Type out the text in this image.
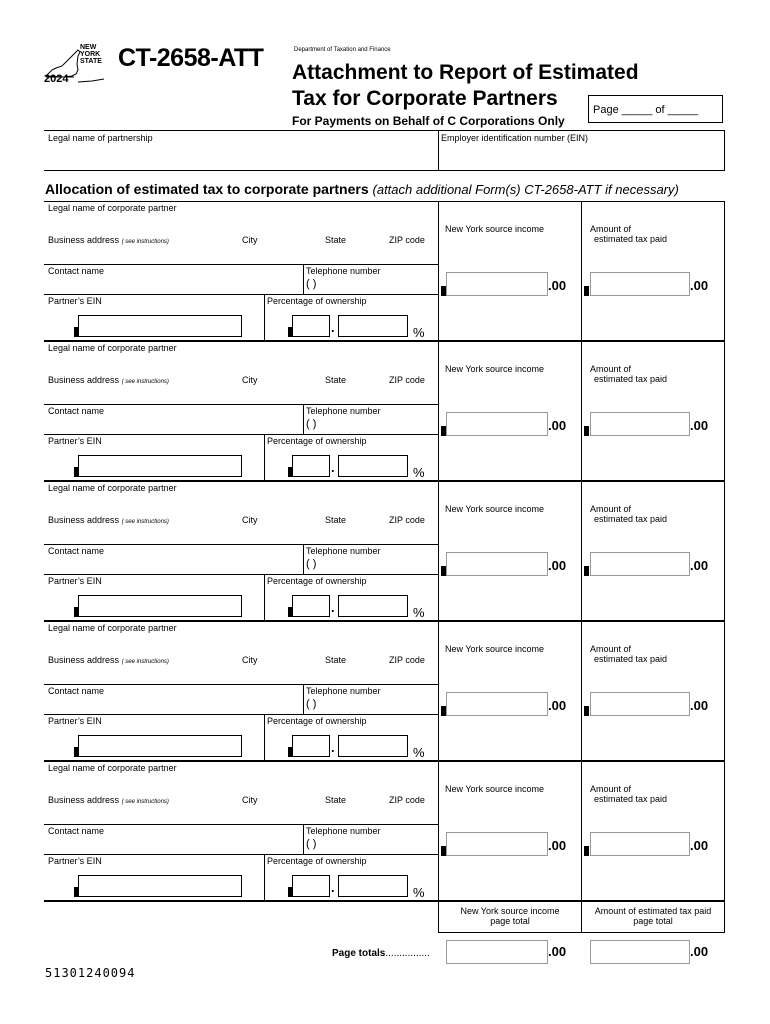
NEW
YORK
STATE
2024
CT-2658-ATT	Department of Taxation and Finance
Attachment to Report of Estimated
Tax for Corporate Partners
For Payments on Behalf of C Corporations Only
Page _____ of _____
Legal name of partnership	Employer identification number (EIN)
Allocation of estimated tax to corporate partners (attach additional Form(s) CT-2658-ATT if necessary)
Legal name of corporate partner
Business address ( see instructions)	City	State	ZIP code
Contact name	Telephone number
( )
Partner’s EIN	Percentage of ownership
.	%
New York source income	Amount of
estimated tax paid
.00	.00
Legal name of corporate partner
Business address ( see instructions)	City	State	ZIP code
Contact name	Telephone number
( )
Partner’s EIN	Percentage of ownership
.	%
New York source income	Amount of
estimated tax paid
.00	.00
Legal name of corporate partner
Business address ( see instructions)	City	State	ZIP code
Contact name	Telephone number
( )
Partner’s EIN	Percentage of ownership
.	%
New York source income	Amount of
estimated tax paid
.00	.00
Legal name of corporate partner
Business address ( see instructions)	City	State	ZIP code
Contact name	Telephone number
( )
Partner’s EIN	Percentage of ownership
.	%
New York source income	Amount of
estimated tax paid
.00	.00
Legal name of corporate partner
Business address ( see instructions)	City	State	ZIP code
Contact name	Telephone number
( )
Partner’s EIN	Percentage of ownership
.	%
New York source income	Amount of
estimated tax paid
.00	.00
New York source income
page total
Amount of estimated tax paid
page total
Page totals................	.00	.00
51301240094
